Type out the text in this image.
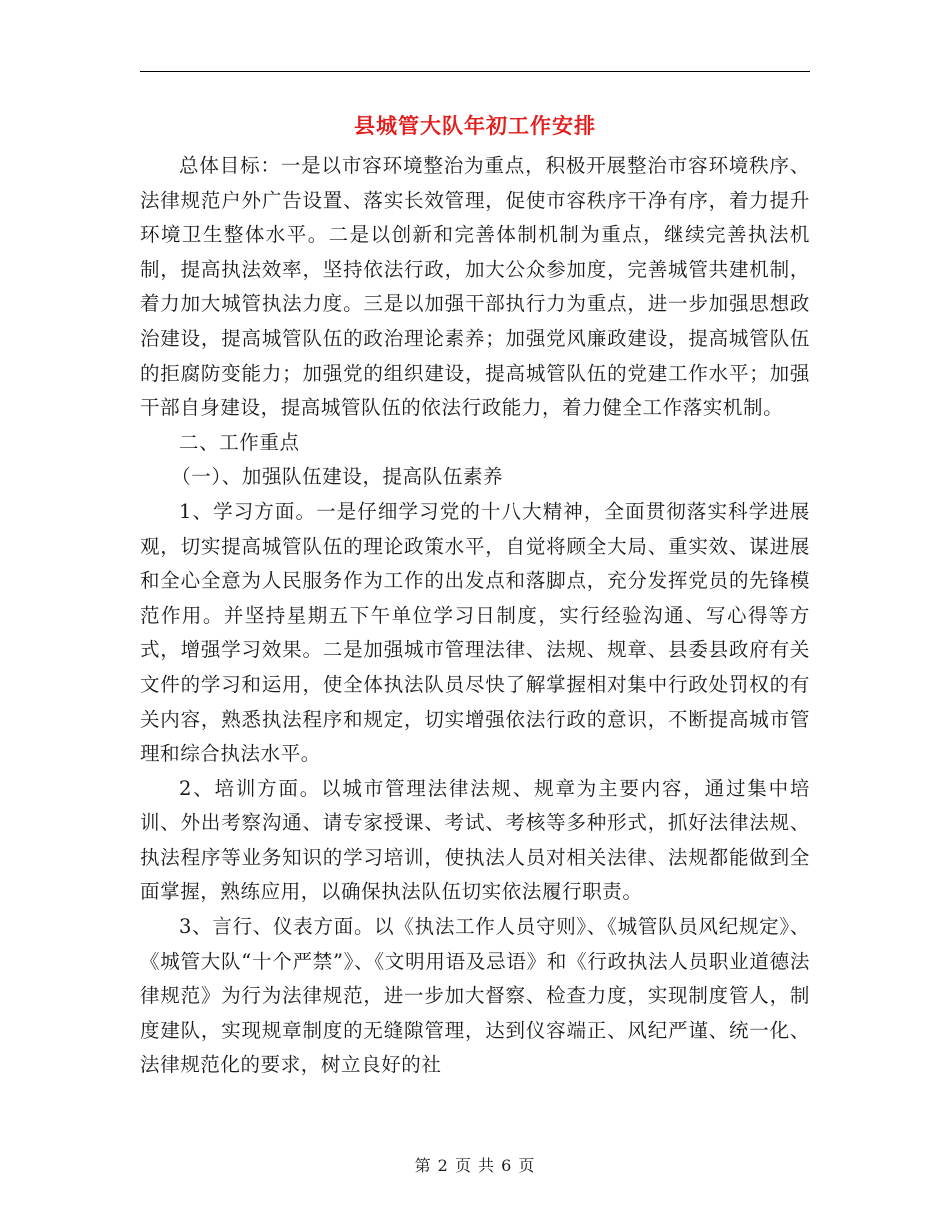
县城管大队年初工作安排

总体目标：一是以市容环境整治为重点，积极开展整治市容环境秩序、法律规范户外广告设置、落实长效管理，促使市容秩序干净有序，着力提升环境卫生整体水平。二是以创新和完善体制机制为重点，继续完善执法机制，提高执法效率，坚持依法行政，加大公众参加度，完善城管共建机制，着力加大城管执法力度。三是以加强干部执行力为重点，进一步加强思想政治建设，提高城管队伍的政治理论素养；加强党风廉政建设，提高城管队伍的拒腐防变能力；加强党的组织建设，提高城管队伍的党建工作水平；加强干部自身建设，提高城管队伍的依法行政能力，着力健全工作落实机制。

二、工作重点

（一）、加强队伍建设，提高队伍素养

1、学习方面。一是仔细学习党的十八大精神，全面贯彻落实科学进展观，切实提高城管队伍的理论政策水平，自觉将顾全大局、重实效、谋进展和全心全意为人民服务作为工作的出发点和落脚点，充分发挥党员的先锋模范作用。并坚持星期五下午单位学习日制度，实行经验沟通、写心得等方式，增强学习效果。二是加强城市管理法律、法规、规章、县委县政府有关文件的学习和运用，使全体执法队员尽快了解掌握相对集中行政处罚权的有关内容，熟悉执法程序和规定，切实增强依法行政的意识，不断提高城市管理和综合执法水平。

2、培训方面。以城市管理法律法规、规章为主要内容，通过集中培训、外出考察沟通、请专家授课、考试、考核等多种形式，抓好法律法规、执法程序等业务知识的学习培训，使执法人员对相关法律、法规都能做到全面掌握，熟练应用，以确保执法队伍切实依法履行职责。

3、言行、仪表方面。以《执法工作人员守则》、《城管队员风纪规定》、《城管大队“十个严禁”》、《文明用语及忌语》和《行政执法人员职业道德法律规范》为行为法律规范，进一步加大督察、检查力度，实现制度管人，制度建队，实现规章制度的无缝隙管理，达到仪容端正、风纪严谨、统一化、法律规范化的要求，树立良好的社

第 2 页 共 6 页
